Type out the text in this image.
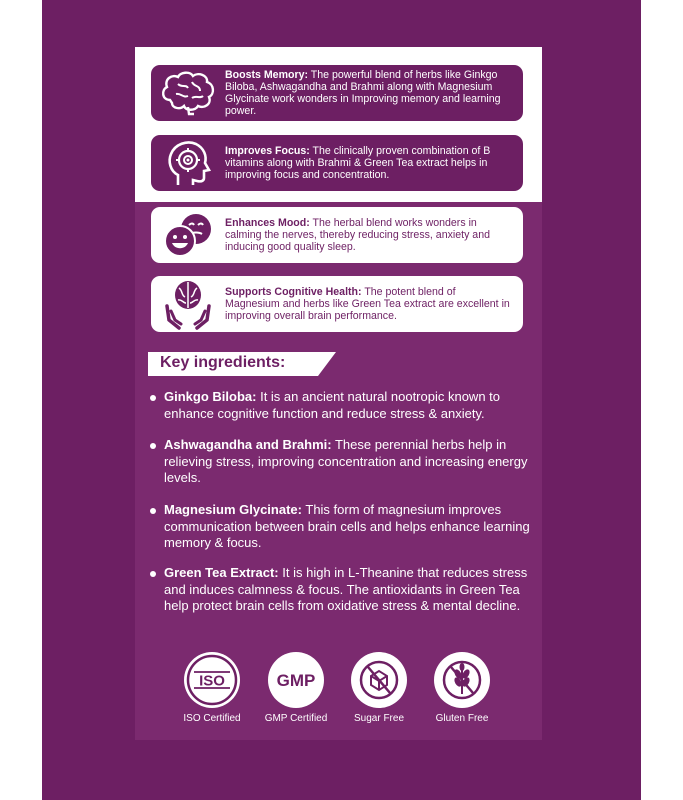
Boosts Memory: The powerful blend of herbs like Ginkgo Biloba, Ashwagandha and Brahmi along with Magnesium Glycinate work wonders in Improving memory and learning power.
Improves Focus: The clinically proven combination of B vitamins along with Brahmi & Green Tea extract helps in improving focus and concentration.
Enhances Mood: The herbal blend works wonders in calming the nerves, thereby reducing stress, anxiety and inducing good quality sleep.
Supports Cognitive Health: The potent blend of Magnesium and herbs like Green Tea extract are excellent in improving overall brain performance.
Key ingredients:
Ginkgo Biloba: It is an ancient natural nootropic known to enhance cognitive function and reduce stress & anxiety.
Ashwagandha and Brahmi: These perennial herbs help in relieving stress, improving concentration and increasing energy levels.
Magnesium Glycinate: This form of magnesium improves communication between brain cells and helps enhance learning memory & focus.
Green Tea Extract: It is high in L-Theanine that reduces stress and induces calmness & focus. The antioxidants in Green Tea help protect brain cells from oxidative stress & mental decline.
ISO
ISO Certified
GMP
GMP Certified	Sugar Free	Gluten Free
